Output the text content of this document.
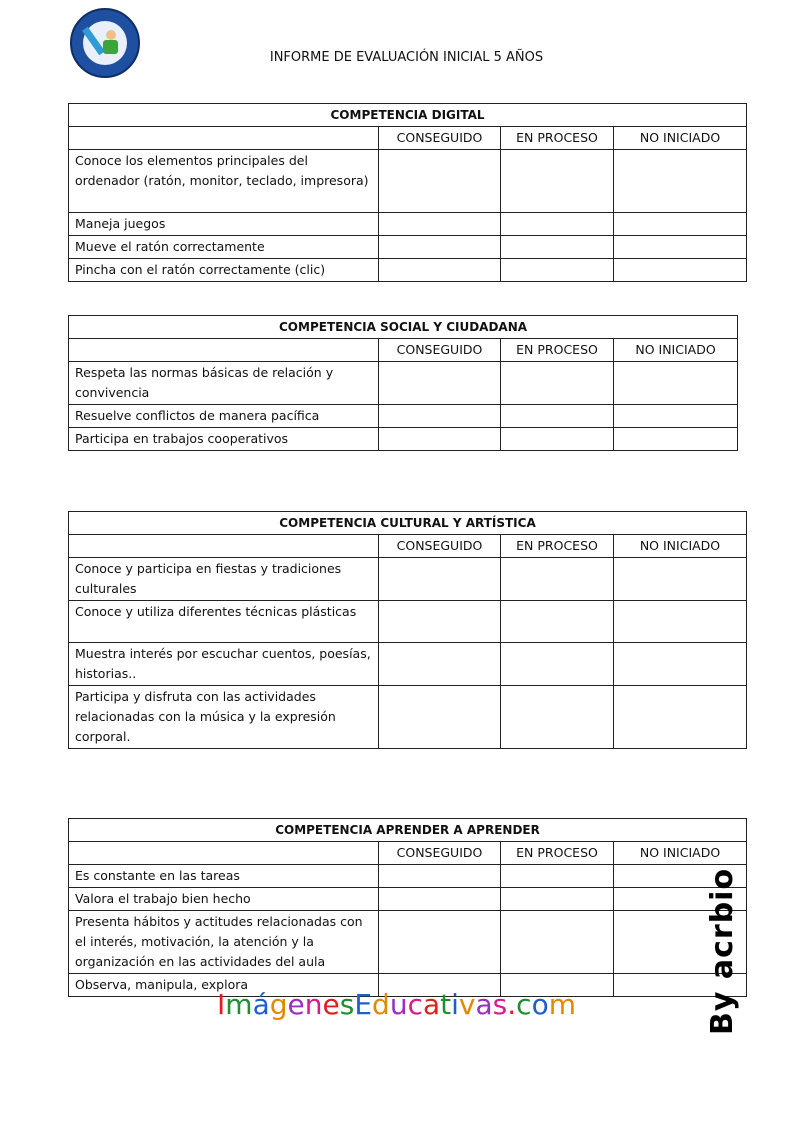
INFORME DE EVALUACIÓN INICIAL 5 AÑOS
COMPETENCIA DIGITAL			
	CONSEGUIDO	EN PROCESO	NO INICIADO
Conoce los elementos principales del ordenador (ratón, monitor, teclado, impresora)			
Maneja juegos			
Mueve el ratón correctamente			
Pincha con el ratón correctamente (clic)			
COMPETENCIA SOCIAL Y CIUDADANA			
	CONSEGUIDO	EN PROCESO	NO INICIADO
Respeta las normas básicas de relación y convivencia			
Resuelve conflictos de manera pacífica			
Participa en trabajos cooperativos			
COMPETENCIA CULTURAL Y ARTÍSTICA			
	CONSEGUIDO	EN PROCESO	NO INICIADO
Conoce y participa en fiestas y tradiciones culturales			
Conoce y utiliza diferentes técnicas plásticas			
Muestra interés por escuchar cuentos, poesías, historias..			
Participa y disfruta con las actividades relacionadas con la música y la expresión corporal.			
COMPETENCIA APRENDER A APRENDER			
	CONSEGUIDO	EN PROCESO	NO INICIADO
Es constante en las tareas			
Valora el trabajo bien hecho			
Presenta hábitos y actitudes relacionadas con el interés, motivación, la atención y la organización en las actividades del aula			
Observa, manipula, explora			
ImágenesEducativas.com	By acrbio
